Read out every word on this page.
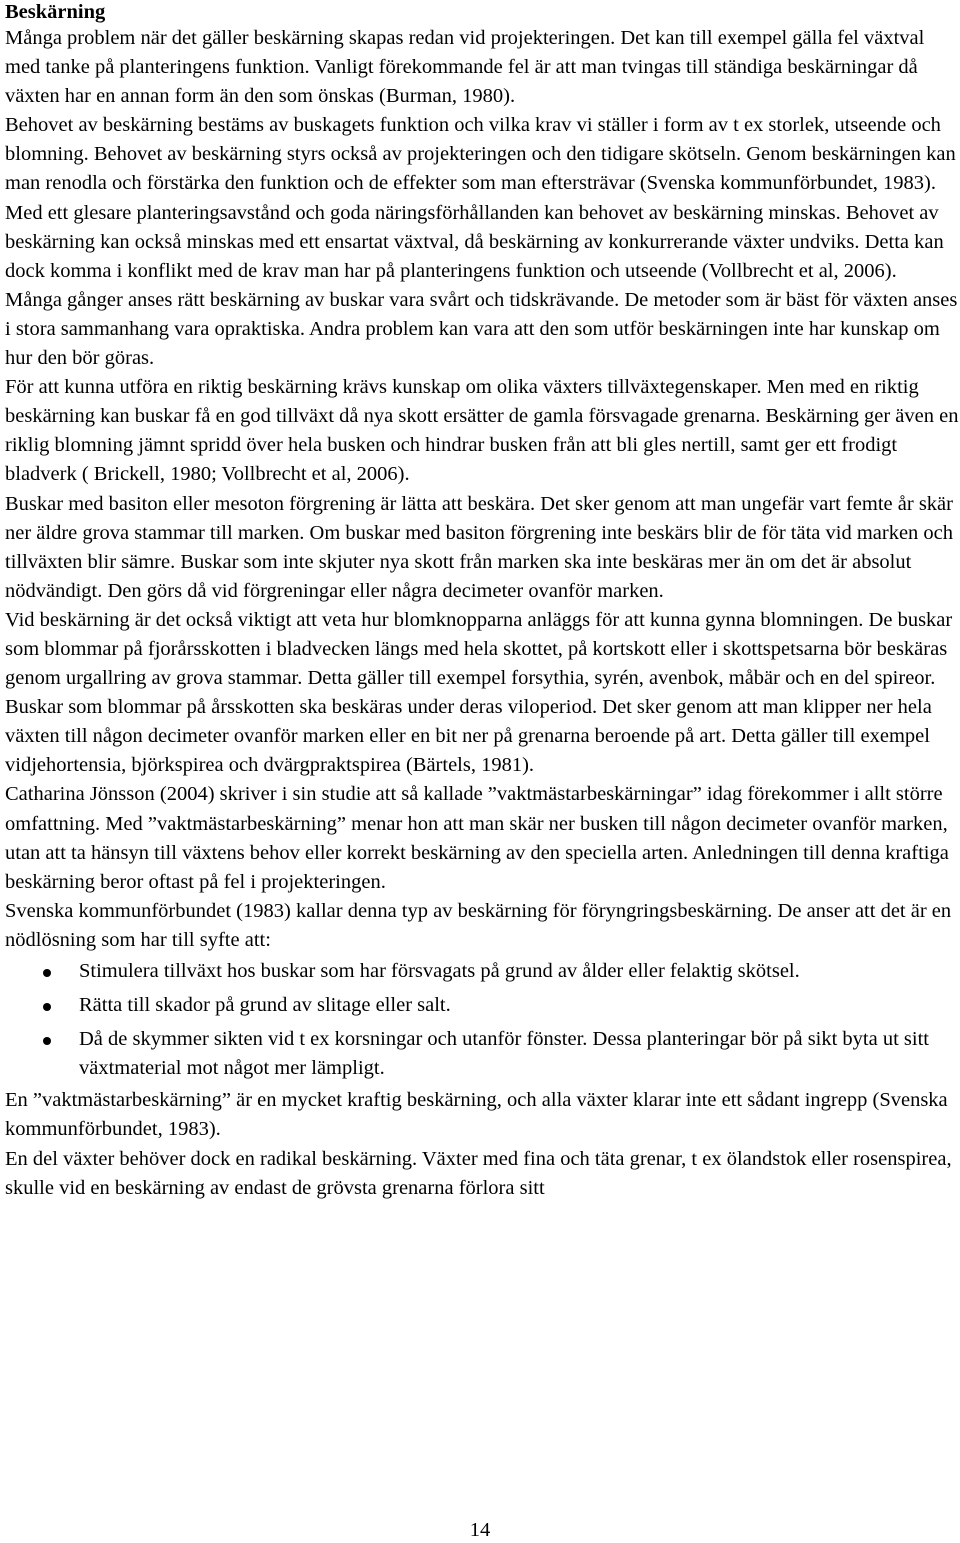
Beskärning

Många problem när det gäller beskärning skapas redan vid projekteringen. Det kan till exempel gälla fel växtval med tanke på planteringens funktion. Vanligt förekommande fel är att man tvingas till ständiga beskärningar då växten har en annan form än den som önskas (Burman, 1980).

Behovet av beskärning bestäms av buskagets funktion och vilka krav vi ställer i form av t ex storlek, utseende och blomning. Behovet av beskärning styrs också av projekteringen och den tidigare skötseln. Genom beskärningen kan man renodla och förstärka den funktion och de effekter som man eftersträvar (Svenska kommunförbundet, 1983).

Med ett glesare planteringsavstånd och goda näringsförhållanden kan behovet av beskärning minskas. Behovet av beskärning kan också minskas med ett ensartat växtval, då beskärning av konkurrerande växter undviks. Detta kan dock komma i konflikt med de krav man har på planteringens funktion och utseende (Vollbrecht et al, 2006).

Många gånger anses rätt beskärning av buskar vara svårt och tidskrävande. De metoder som är bäst för växten anses i stora sammanhang vara opraktiska. Andra problem kan vara att den som utför beskärningen inte har kunskap om hur den bör göras.

För att kunna utföra en riktig beskärning krävs kunskap om olika växters tillväxtegenskaper. Men med en riktig beskärning kan buskar få en god tillväxt då nya skott ersätter de gamla försvagade grenarna. Beskärning ger även en riklig blomning jämnt spridd över hela busken och hindrar busken från att bli gles nertill, samt ger ett frodigt bladverk ( Brickell, 1980; Vollbrecht et al, 2006).

Buskar med basiton eller mesoton förgrening är lätta att beskära. Det sker genom att man ungefär vart femte år skär ner äldre grova stammar till marken. Om buskar med basiton förgrening inte beskärs blir de för täta vid marken och tillväxten blir sämre. Buskar som inte skjuter nya skott från marken ska inte beskäras mer än om det är absolut nödvändigt. Den görs då vid förgreningar eller några decimeter ovanför marken.

Vid beskärning är det också viktigt att veta hur blomknopparna anläggs för att kunna gynna blomningen. De buskar som blommar på fjorårsskotten i bladvecken längs med hela skottet, på kortskott eller i skottspetsarna bör beskäras genom urgallring av grova stammar. Detta gäller till exempel forsythia, syrén, avenbok, måbär och en del spireor.

Buskar som blommar på årsskotten ska beskäras under deras viloperiod. Det sker genom att man klipper ner hela växten till någon decimeter ovanför marken eller en bit ner på grenarna beroende på art. Detta gäller till exempel vidjehortensia, björkspirea och dvärgpraktspirea (Bärtels, 1981).

Catharina Jönsson (2004) skriver i sin studie att så kallade ”vaktmästarbeskärningar” idag förekommer i allt större omfattning. Med ”vaktmästarbeskärning” menar hon att man skär ner busken till någon decimeter ovanför marken, utan att ta hänsyn till växtens behov eller korrekt beskärning av den speciella arten. Anledningen till denna kraftiga beskärning beror oftast på fel i projekteringen.

Svenska kommunförbundet (1983) kallar denna typ av beskärning för föryngringsbeskärning. De anser att det är en nödlösning som har till syfte att:

Stimulera tillväxt hos buskar som har försvagats på grund av ålder eller felaktig skötsel.
Rätta till skador på grund av slitage eller salt.
Då de skymmer sikten vid t ex korsningar och utanför fönster. Dessa planteringar bör på sikt byta ut sitt växtmaterial mot något mer lämpligt.

En ”vaktmästarbeskärning” är en mycket kraftig beskärning, och alla växter klarar inte ett sådant ingrepp (Svenska kommunförbundet, 1983).

En del växter behöver dock en radikal beskärning. Växter med fina och täta grenar, t ex ölandstok eller rosenspirea, skulle vid en beskärning av endast de grövsta grenarna förlora sitt

14
